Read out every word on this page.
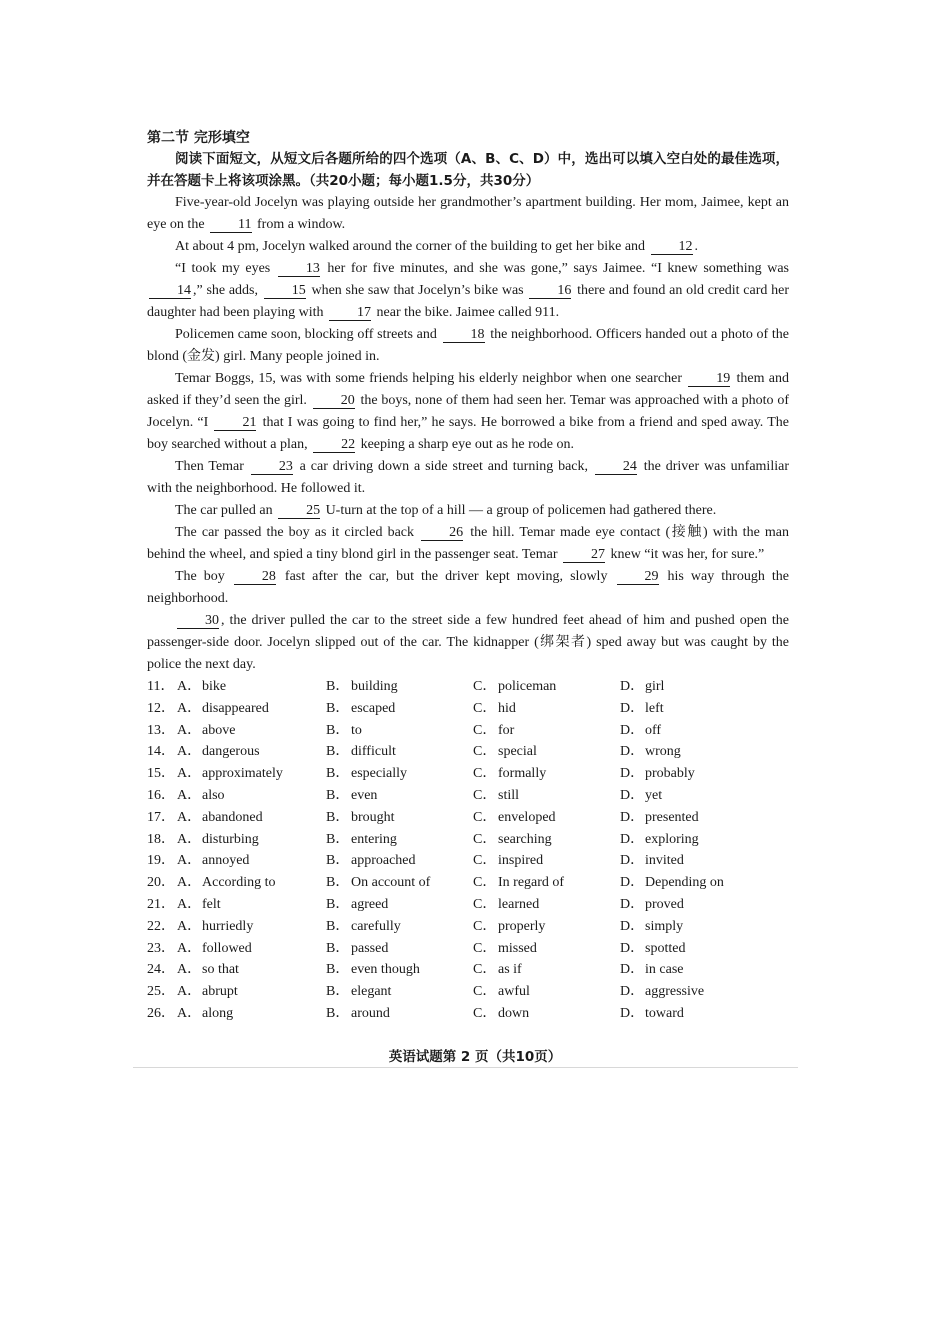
第二节 完形填空

阅读下面短文，从短文后各题所给的四个选项（A、B、C、D）中，选出可以填入空白处的最佳选项，并在答题卡上将该项涂黑。（共20小题；每小题1.5分，共30分）

Five-year-old Jocelyn was playing outside her grandmother’s apartment building. Her mom, Jaimee, kept an eye on the 11 from a window.

At about 4 pm, Jocelyn walked around the corner of the building to get her bike and 12 .

“I took my eyes 13 her for five minutes, and she was gone,” says Jaimee. “I knew something was 14 ,” she adds, 15 when she saw that Jocelyn’s bike was 16 there and found an old credit card her daughter had been playing with 17 near the bike. Jaimee called 911.

Policemen came soon, blocking off streets and 18 the neighborhood. Officers handed out a photo of the blond (金发) girl. Many people joined in.

Temar Boggs, 15, was with some friends helping his elderly neighbor when one searcher 19 them and asked if they’d seen the girl. 20 the boys, none of them had seen her. Temar was approached with a photo of Jocelyn. “I 21 that I was going to find her,” he says. He borrowed a bike from a friend and sped away. The boy searched without a plan, 22 keeping a sharp eye out as he rode on.

Then Temar 23 a car driving down a side street and turning back, 24 the driver was unfamiliar with the neighborhood. He followed it.

The car pulled an 25 U-turn at the top of a hill — a group of policemen had gathered there.

The car passed the boy as it circled back 26 the hill. Temar made eye contact (接触) with the man behind the wheel, and spied a tiny blond girl in the passenger seat. Temar 27 knew “it was her, for sure.”

The boy 28 fast after the car, but the driver kept moving, slowly 29 his way through the neighborhood.

30 , the driver pulled the car to the street side a few hundred feet ahead of him and pushed open the passenger-side door. Jocelyn slipped out of the car. The kidnapper (绑架者) sped away but was caught by the police the next day.

11． A．bike	B． building	C． policeman	D．girl
12． A．disappeared	B． escaped	C． hid	D．left
13． A．above	B． to	C． for	D．off
14． A．dangerous	B． difficult	C． special	D．wrong
15． A．approximately	B． especially	C． formally	D．probably
16． A．also	B． even	C． still	D．yet
17． A．abandoned	B． brought	C． enveloped	D．presented
18． A．disturbing	B． entering	C． searching	D．exploring
19． A．annoyed	B． approached	C． inspired	D．invited
20． A．According to	B． On account of	C． In regard of	D．Depending on
21． A．felt	B． agreed	C． learned	D．proved
22． A．hurriedly	B． carefully	C． properly	D．simply
23． A．followed	B． passed	C． missed	D．spotted
24． A．so that	B． even though	C． as if	D．in case
25． A．abrupt	B． elegant	C． awful	D．aggressive
26． A．along	B． around	C． down	D．toward
英语试题第 2 页（共10页）
